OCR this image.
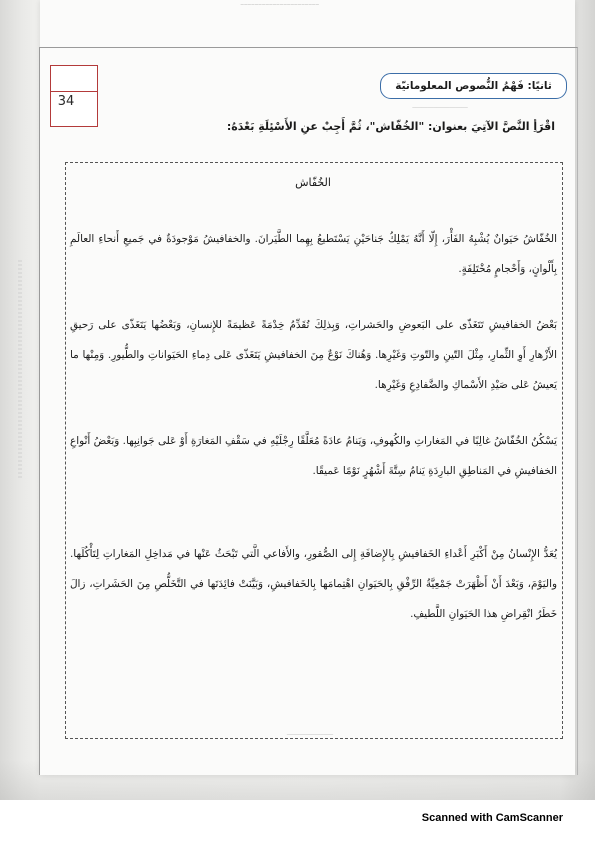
▁▁▁▁▁▁▁▁▁▁▁▁▁▁▁▁▁▁▁▁▁▁
34
ثانيًا: فَهْمُ النُّصوص المعلوماتيّة
▁▁▁▁▁▁▁▁▁▁▁▁▁▁▁▁▁▁
اقْرَأِ النَّصَّ الآتِيَ بعنوان: "الخُفّاش"، ثُمَّ أَجِبْ عنِ الأَسْئِلَةِ بَعْدَهُ:
الخُفّاش
الخُفّاشُ حَيَوانٌ يُشْبِهُ الفَأْرَ، إِلّا أَنَّهُ يَمْلِكُ جَناحَيْنِ يَسْتَطيعُ بِهِما الطَّيَرانَ. والخفافيشُ مَوْجودَةٌ في جَميعِ أَنحاءِ العالَمِ بِأَلْوانٍ، وَأَحْجامٍ مُخْتَلِفَةٍ.
بَعْضُ الخفافيشِ تَتَغَذّى على البَعوضِ والحَشراتِ، وَبِذلِكَ تُقَدِّمُ خِدْمَةً عَظيمَةً للإِنسانِ، وَبَعْضُها يَتَغَذّى على رَحيقِ الأَزْهارِ أَوِ الثِّمارِ، مِثْلَ التّينِ والتّوتِ وَغَيْرِها. وَهُناكَ نَوْعٌ مِنَ الخفافيشِ يَتَغَذّى عَلى دِماءِ الحَيَواناتِ والطُّيورِ. وَمِنْها ما يَعيشُ عَلى صَيْدِ الأَسْماكِ والضَّفادِعِ وَغَيْرِها.
يَسْكُنُ الخُفّاشُ غالِبًا في المَغاراتِ والكُهوفِ، وَيَنامُ عادَةً مُعَلَّقًا رِجْلَيْهِ في سَقْفِ المَغارَةِ أَوْ عَلى جَوانِبِها. وَبَعْضُ أَنْواعِ الخفافيشِ في المَناطِقِ البارِدَةِ يَنامُ سِتَّةَ أَشْهُرٍ نَوْمًا عَميقًا.
يُعَدُّ الإِنْسانُ مِنْ أَكْبَرِ أَعْداءِ الخَفافيشِ بِالإِضافَةِ إِلى الصُّقورِ، والأَفاعي الَّتي تَبْحَثُ عَنْها في مَداخِلِ المَغاراتِ لِتَأْكُلَها. واليَوْمَ، وَبَعْدَ أَنْ أَظْهَرَتْ جَمْعِيَّةُ الرِّفْقِ بِالحَيَوانِ اهْتِمامَها بِالخَفافيشِ، وَبَيَّنَتْ فائِدَتَها في التَّخَلُّصِ مِنَ الحَشَراتِ، زالَ خَطَرُ انْقِراضِ هذا الحَيَوانِ اللَّطيفِ.
▁▁▁▁▁▁▁▁▁▁▁▁▁▁▁
Scanned with CamScanner
